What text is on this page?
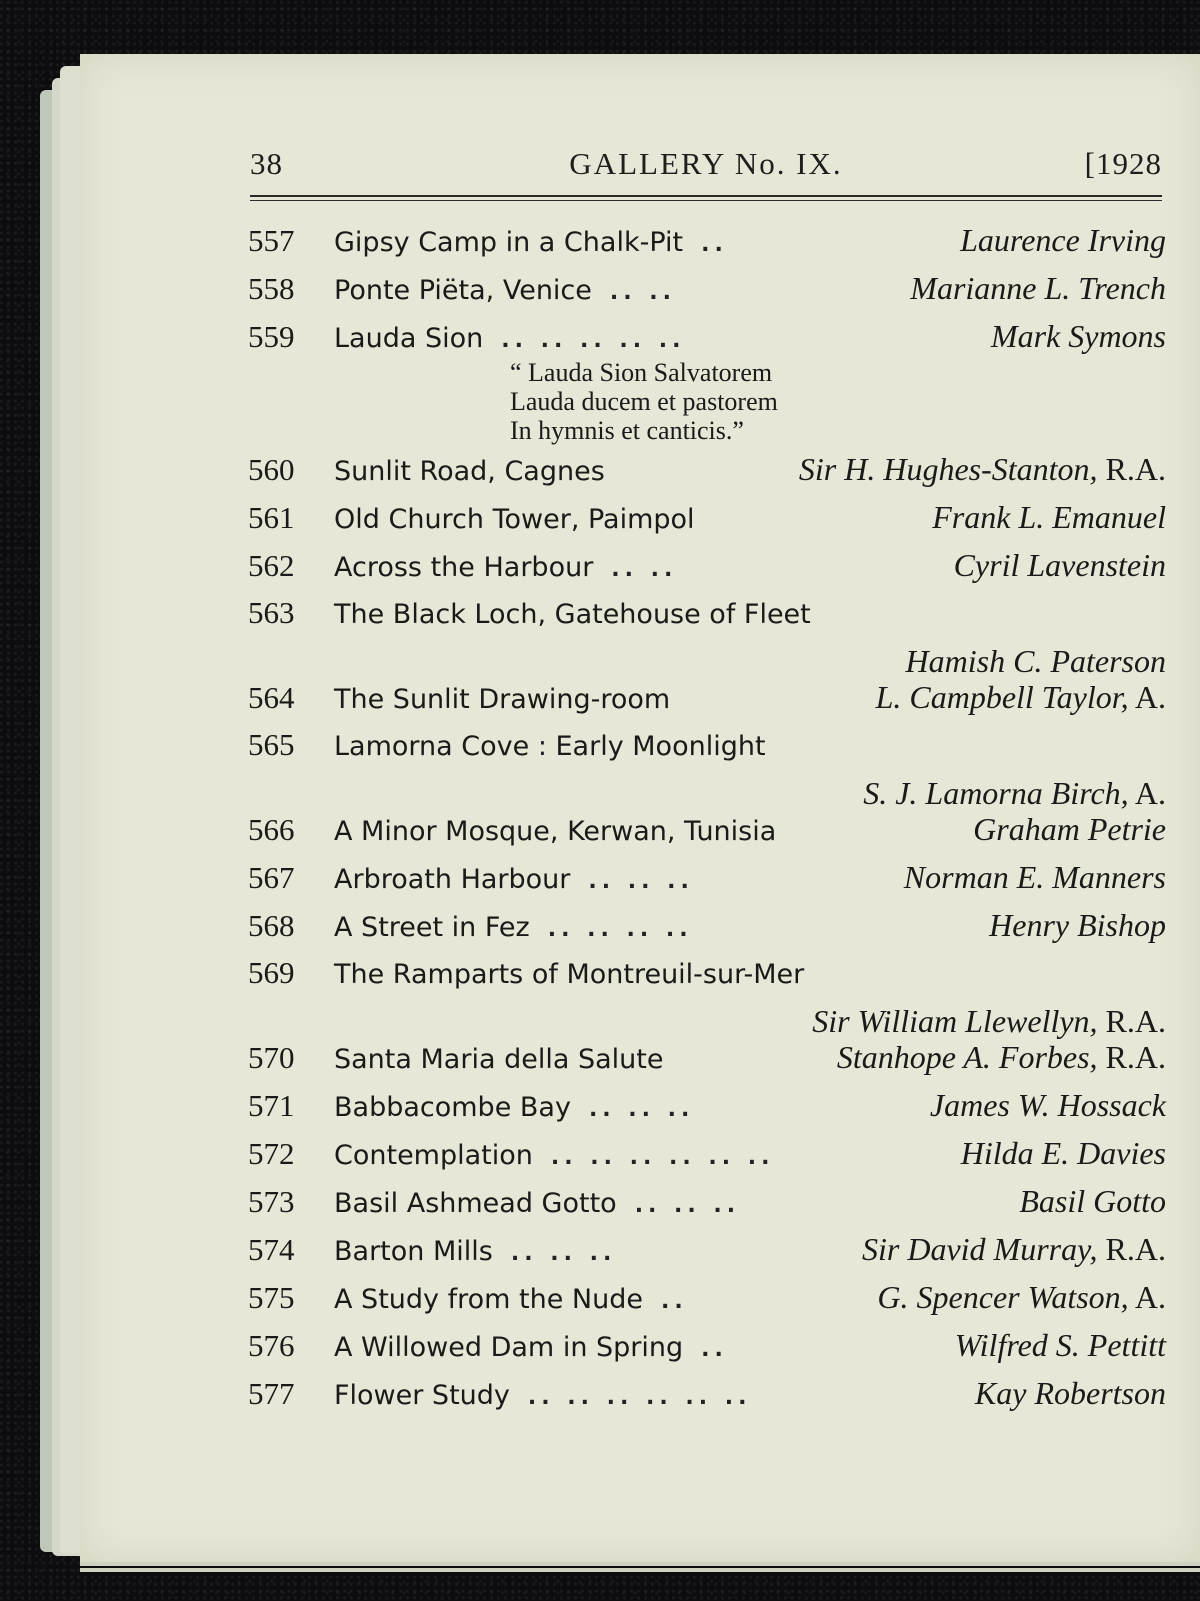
38	GALLERY No. IX.	[1928
557	Gipsy Camp in a Chalk-Pit ..	Laurence Irving
558	Ponte Piëta, Venice .. ..	Marianne L. Trench
559	Lauda Sion .. .. .. .. ..	Mark Symons
“ Lauda Sion Salvatorem
Lauda ducem et pastorem
In hymnis et canticis.”
560	Sunlit Road, Cagnes	Sir H. Hughes-Stanton, R.A.
561	Old Church Tower, Paimpol	Frank L. Emanuel
562	Across the Harbour .. ..	Cyril Lavenstein
563	The Black Loch, Gatehouse of Fleet
Hamish C. Paterson
564	The Sunlit Drawing-room	L. Campbell Taylor, A.
565	Lamorna Cove : Early Moonlight
S. J. Lamorna Birch, A.
566	A Minor Mosque, Kerwan, Tunisia	Graham Petrie
567	Arbroath Harbour .. .. ..	Norman E. Manners
568	A Street in Fez .. .. .. ..	Henry Bishop
569	The Ramparts of Montreuil-sur-Mer
Sir William Llewellyn, R.A.
570	Santa Maria della Salute	Stanhope A. Forbes, R.A.
571	Babbacombe Bay .. .. ..	James W. Hossack
572	Contemplation .. .. .. .. .. ..	Hilda E. Davies
573	Basil Ashmead Gotto .. .. ..	Basil Gotto
574	Barton Mills .. .. ..	Sir David Murray, R.A.
575	A Study from the Nude ..	G. Spencer Watson, A.
576	A Willowed Dam in Spring ..	Wilfred S. Pettitt
577	Flower Study .. .. .. .. .. ..	Kay Robertson
